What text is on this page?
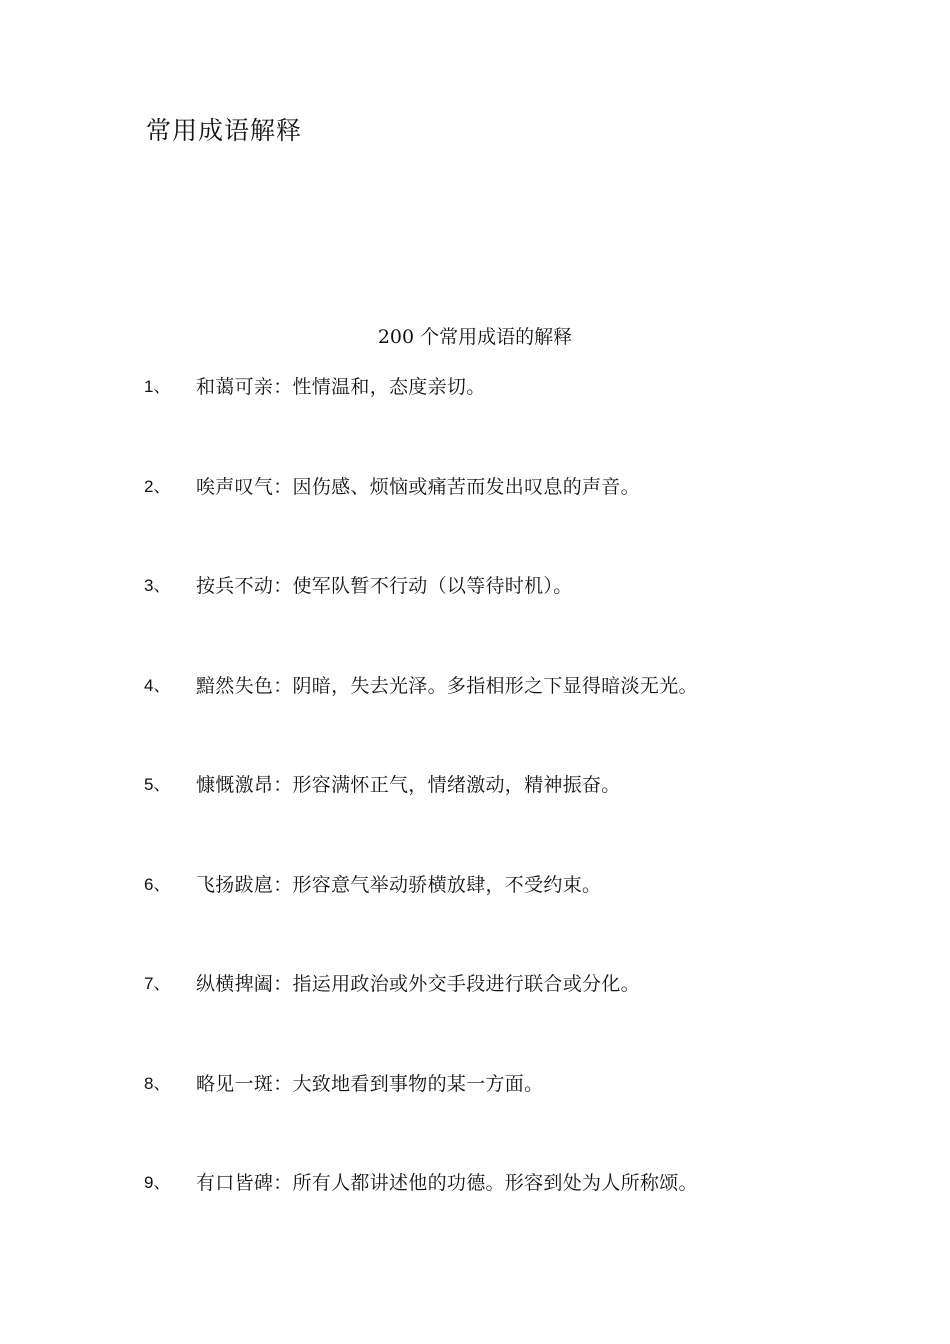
常用成语解释
200 个常用成语的解释
1、 和蔼可亲：性情温和，态度亲切。
2、 唉声叹气：因伤感、烦恼或痛苦而发出叹息的声音。
3、 按兵不动：使军队暂不行动（以等待时机）。
4、 黯然失色：阴暗，失去光泽。多指相形之下显得暗淡无光。
5、 慷慨激昂：形容满怀正气，情绪激动，精神振奋。
6、 飞扬跋扈：形容意气举动骄横放肆，不受约束。
7、 纵横捭阖：指运用政治或外交手段进行联合或分化。
8、 略见一斑：大致地看到事物的某一方面。
9、 有口皆碑：所有人都讲述他的功德。形容到处为人所称颂。
